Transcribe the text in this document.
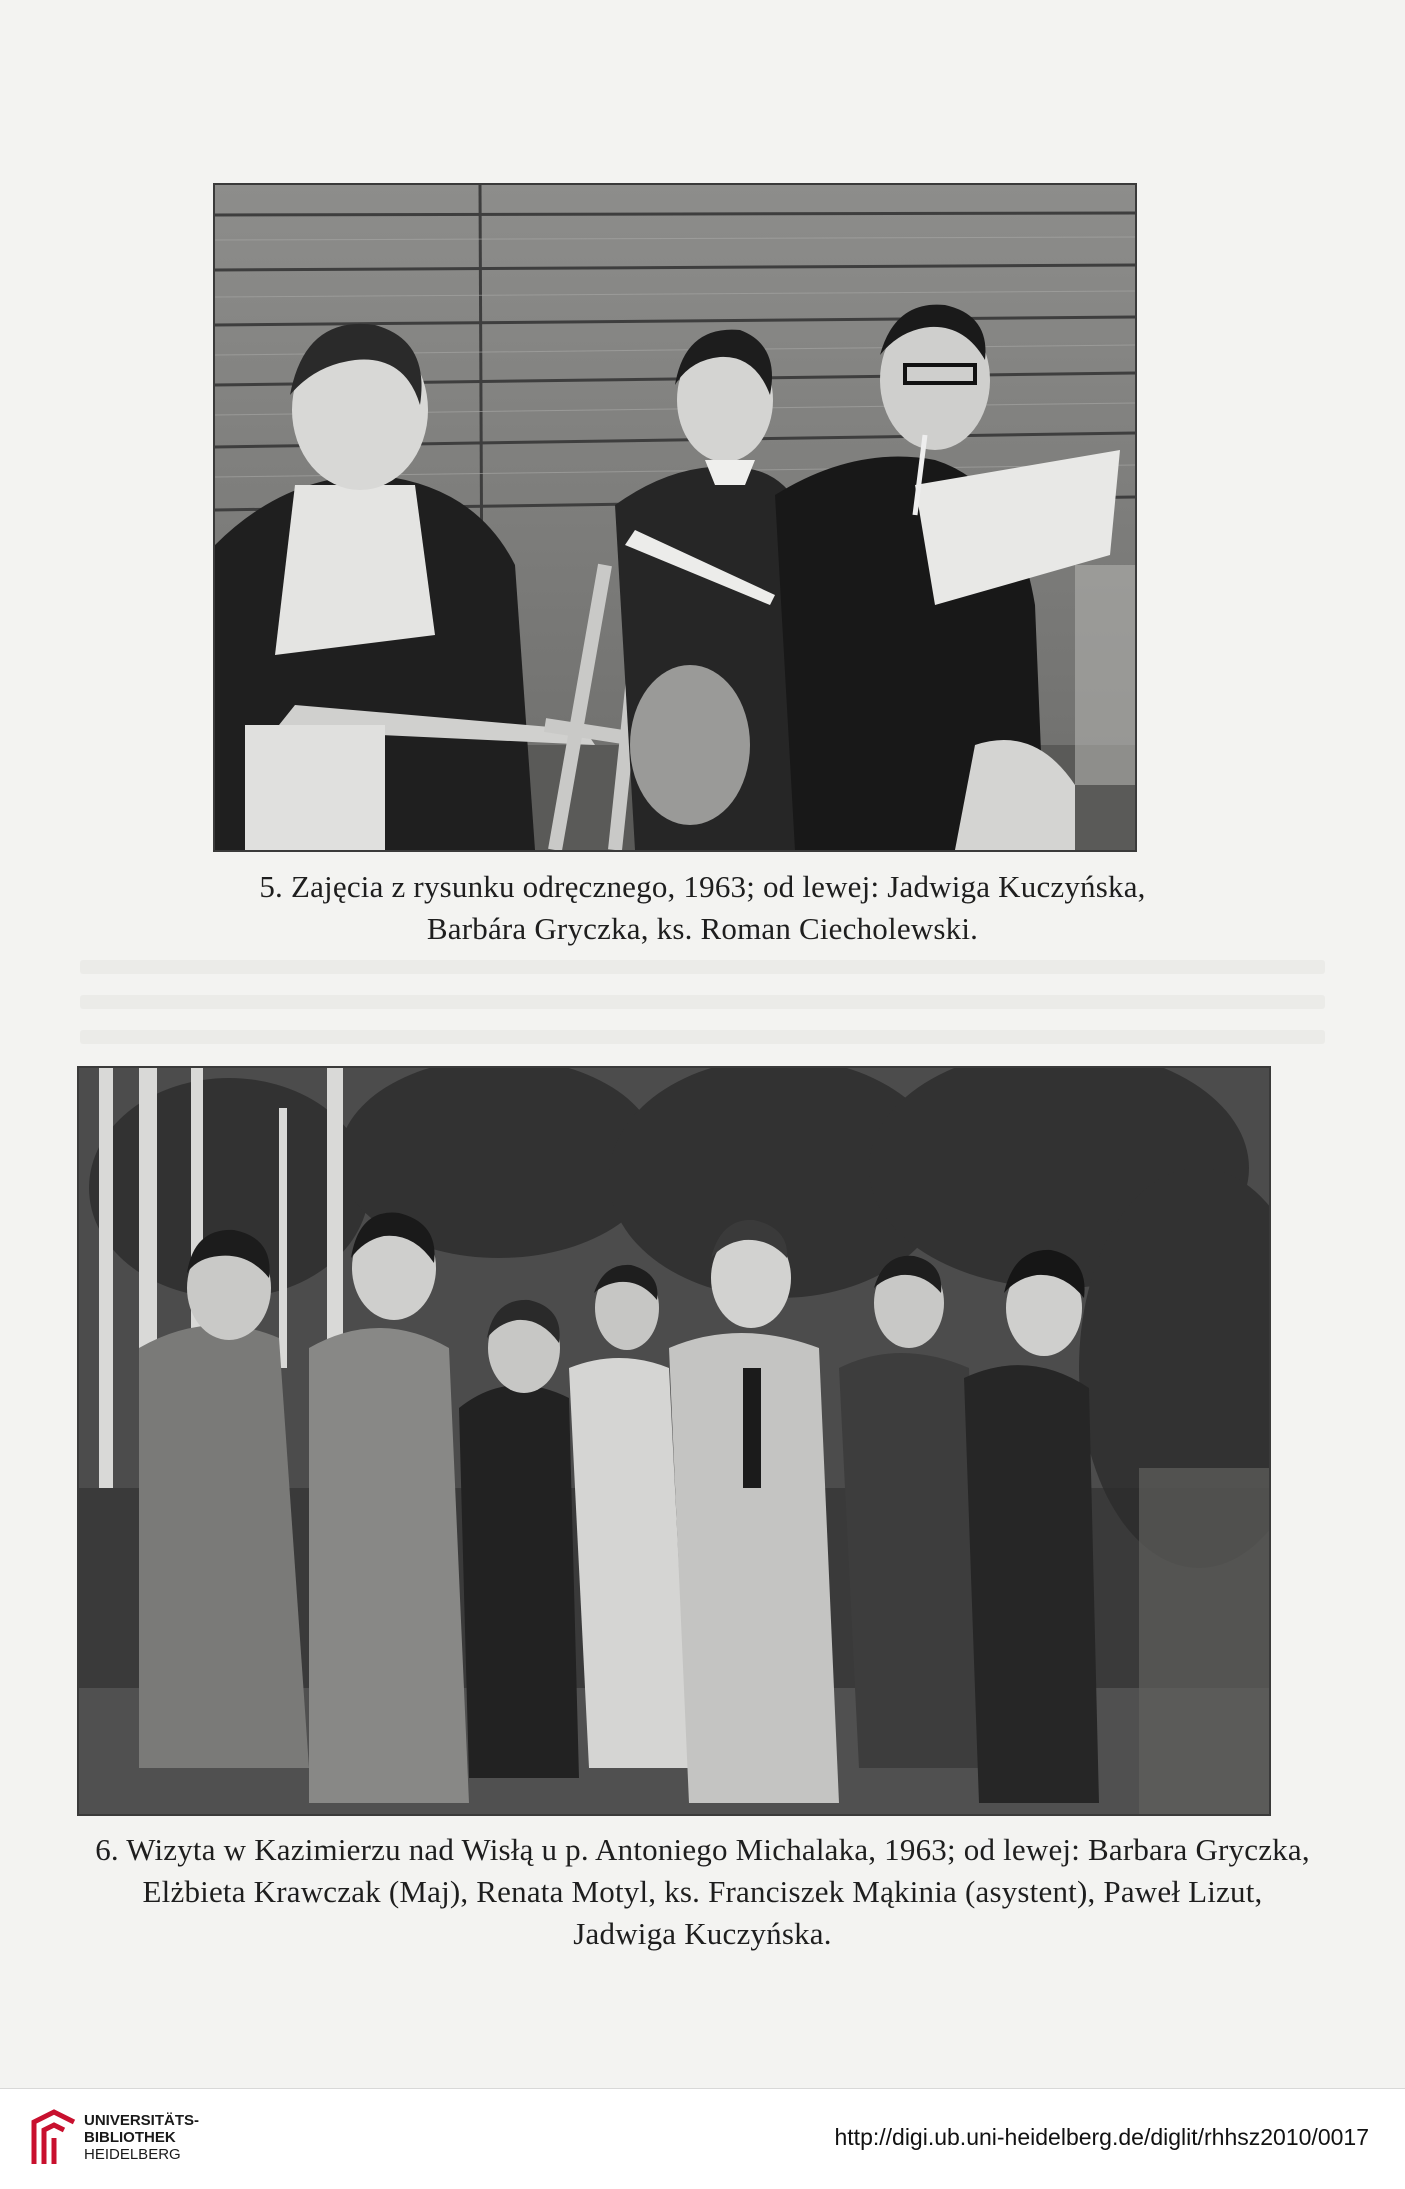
5. Zajęcia z rysunku odręcznego, 1963; od lewej: Jadwiga Kuczyńska,
Barbára Gryczka, ks. Roman Ciecholewski.
6. Wizyta w Kazimierzu nad Wisłą u p. Antoniego Michalaka, 1963; od lewej: Barbara Gryczka,
Elżbieta Krawczak (Maj), Renata Motyl, ks. Franciszek Mąkinia (asystent), Paweł Lizut,
Jadwiga Kuczyńska.
UNIVERSITÄTS-
BIBLIOTHEK
HEIDELBERG
http://digi.ub.uni-heidelberg.de/diglit/rhhsz2010/0017
